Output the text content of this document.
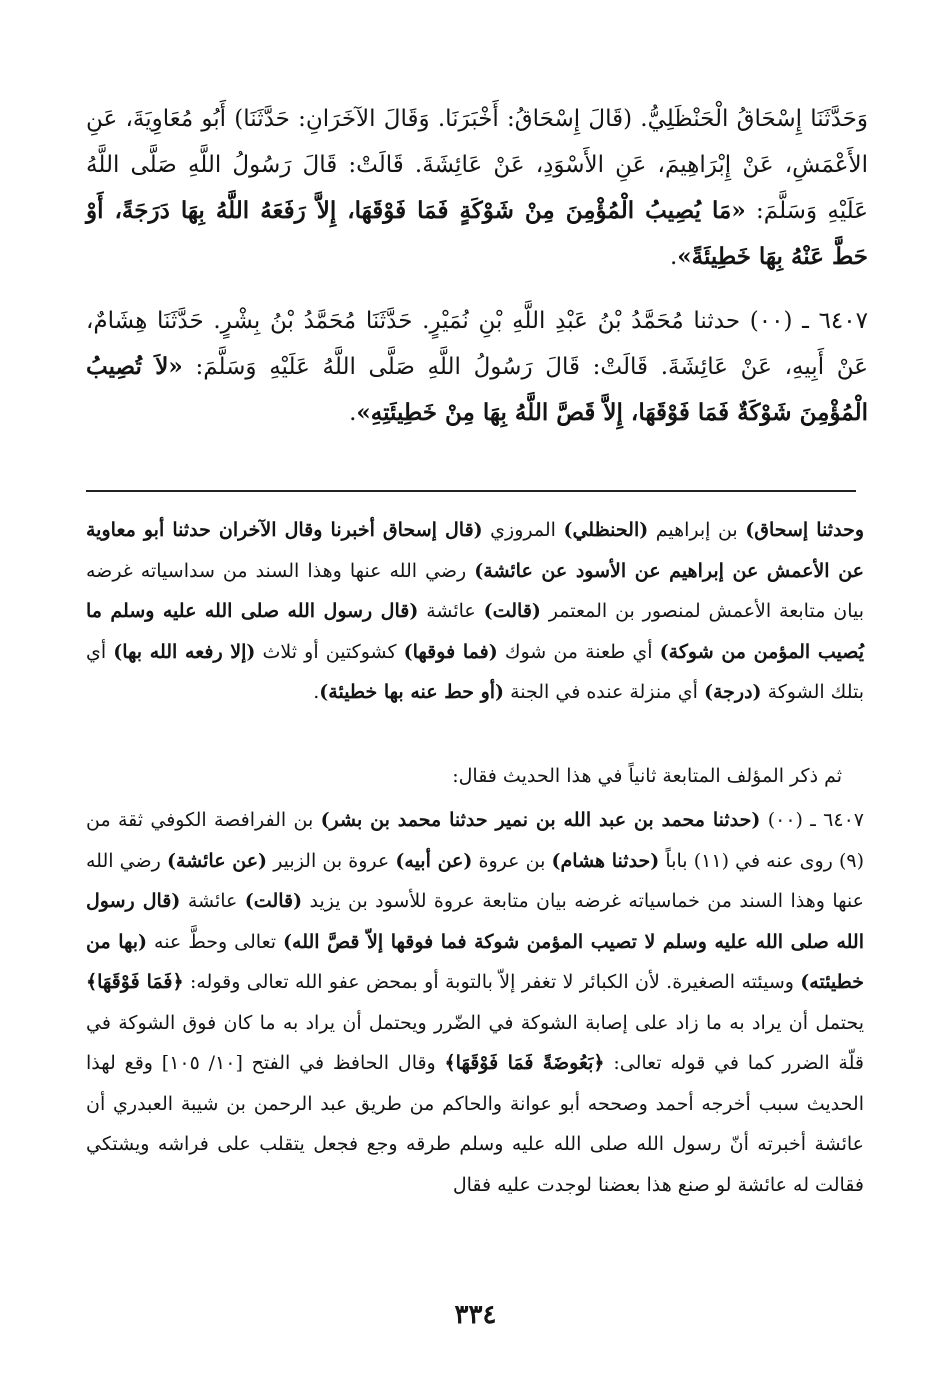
وَحَدَّثَنَا إِسْحَاقُ الْحَنْظَلِيُّ. (قَالَ إِسْحَاقُ: أَخْبَرَنَا. وَقَالَ الآخَرَانِ: حَدَّثَنَا) أَبُو مُعَاوِيَةَ، عَنِ الأَعْمَشِ، عَنْ إِبْرَاهِيمَ، عَنِ الأَسْوَدِ، عَنْ عَائِشَةَ. قَالَتْ: قَالَ رَسُولُ اللَّهِ صَلَّى اللَّهُ عَلَيْهِ وَسَلَّمَ: «مَا يُصِيبُ الْمُؤْمِنَ مِنْ شَوْكَةٍ فَمَا فَوْقَهَا، إِلاَّ رَفَعَهُ اللَّهُ بِهَا دَرَجَةً، أَوْ حَطَّ عَنْهُ بِهَا خَطِيئَةً».

٦٤٠٧ ـ (٠٠) حدثنا مُحَمَّدُ بْنُ عَبْدِ اللَّهِ بْنِ نُمَيْرٍ. حَدَّثَنَا مُحَمَّدُ بْنُ بِشْرٍ. حَدَّثَنَا هِشَامٌ، عَنْ أَبِيهِ، عَنْ عَائِشَةَ. قَالَتْ: قَالَ رَسُولُ اللَّهِ صَلَّى اللَّهُ عَلَيْهِ وَسَلَّمَ: «لاَ تُصِيبُ الْمُؤْمِنَ شَوْكَةٌ فَمَا فَوْقَهَا، إِلاَّ قَصَّ اللَّهُ بِهَا مِنْ خَطِيئَتِهِ».

وحدثنا إسحاق) بن إبراهيم (الحنظلي) المروزي (قال إسحاق أخبرنا وقال الآخران حدثنا أبو معاوية عن الأعمش عن إبراهيم عن الأسود عن عائشة) رضي الله عنها وهذا السند من سداسياته غرضه بيان متابعة الأعمش لمنصور بن المعتمر (قالت) عائشة (قال رسول الله صلى الله عليه وسلم ما يُصيب المؤمن من شوكة) أي طعنة من شوك (فما فوقها) كشوكتين أو ثلاث (إلا رفعه الله بها) أي بتلك الشوكة (درجة) أي منزلة عنده في الجنة (أو حط عنه بها خطيئة).

ثم ذكر المؤلف المتابعة ثانياً في هذا الحديث فقال:

٦٤٠٧ ـ (٠٠) (حدثنا محمد بن عبد الله بن نمير حدثنا محمد بن بشر) بن الفرافصة الكوفي ثقة من (٩) روى عنه في (١١) باباً (حدثنا هشام) بن عروة (عن أبيه) عروة بن الزبير (عن عائشة) رضي الله عنها وهذا السند من خماسياته غرضه بيان متابعة عروة للأسود بن يزيد (قالت) عائشة (قال رسول الله صلى الله عليه وسلم لا تصيب المؤمن شوكة فما فوقها إلاّ قصَّ الله) تعالى وحطَّ عنه (بها من خطيئته) وسيئته الصغيرة. لأن الكبائر لا تغفر إلاّ بالتوبة أو بمحض عفو الله تعالى وقوله: ﴿فَمَا فَوْقَهَا﴾ يحتمل أن يراد به ما زاد على إصابة الشوكة في الضّرر ويحتمل أن يراد به ما كان فوق الشوكة في قلّة الضرر كما في قوله تعالى: ﴿بَعُوضَةً فَمَا فَوْقَهَا﴾ وقال الحافظ في الفتح [١٠/ ١٠٥] وقع لهذا الحديث سبب أخرجه أحمد وصححه أبو عوانة والحاكم من طريق عبد الرحمن بن شيبة العبدري أن عائشة أخبرته أنّ رسول الله صلى الله عليه وسلم طرقه وجع فجعل يتقلب على فراشه ويشتكي فقالت له عائشة لو صنع هذا بعضنا لوجدت عليه فقال

٣٣٤
